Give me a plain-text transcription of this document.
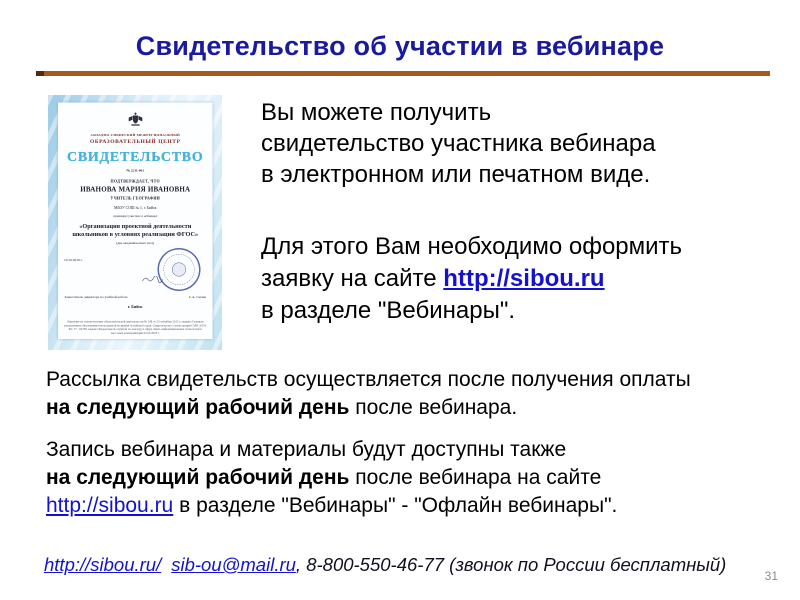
Свидетельство об участии в вебинаре
ЗАПАДНО-СИБИРСКИЙ МЕЖРЕГИОНАЛЬНЫЙ
ОБРАЗОВАТЕЛЬНЫЙ ЦЕНТР
СВИДЕТЕЛЬСТВО
№ 2211-001
ПОДТВЕРЖДАЕТ, ЧТО
ИВАНОВА МАРИЯ ИВАНОВНА
УЧИТЕЛЬ ГЕОГРАФИИ
МБОУ СОШ № 1, г. Бийск
принял(а) участие в вебинаре
«Организация проектной деятельности
школьников в условиях реализации ФГОС»
(два академических часа)
10.10.2016 г.
Заместитель директора по учебной работе	С.А. Сычев
г. Бийск
Лицензия на осуществление образовательной деятельности № 148 от 23 сентября 2015 г., выдана Главным управлением образования и молодежной политики Алтайского края. Свидетельство о регистрации СМИ ЭЛ № ФС 77 - 64799, выдано Федеральной службой по надзору в сфере связи, информационных технологий и массовых коммуникаций 02.02.2016 г.
Вы можете получить
свидетельство участника вебинара
в электронном или печатном виде.
Для этого Вам необходимо оформить
заявку на сайте http://sibou.ru
в разделе "Вебинары".
Рассылка свидетельств осуществляется после получения оплаты
на следующий рабочий день после вебинара.
Запись вебинара и материалы будут доступны также
на следующий рабочий день после вебинара на сайте
http://sibou.ru в разделе "Вебинары" - "Офлайн вебинары".
http://sibou.ru/ sib-ou@mail.ru, 8-800-550-46-77 (звонок по России бесплатный)
31
